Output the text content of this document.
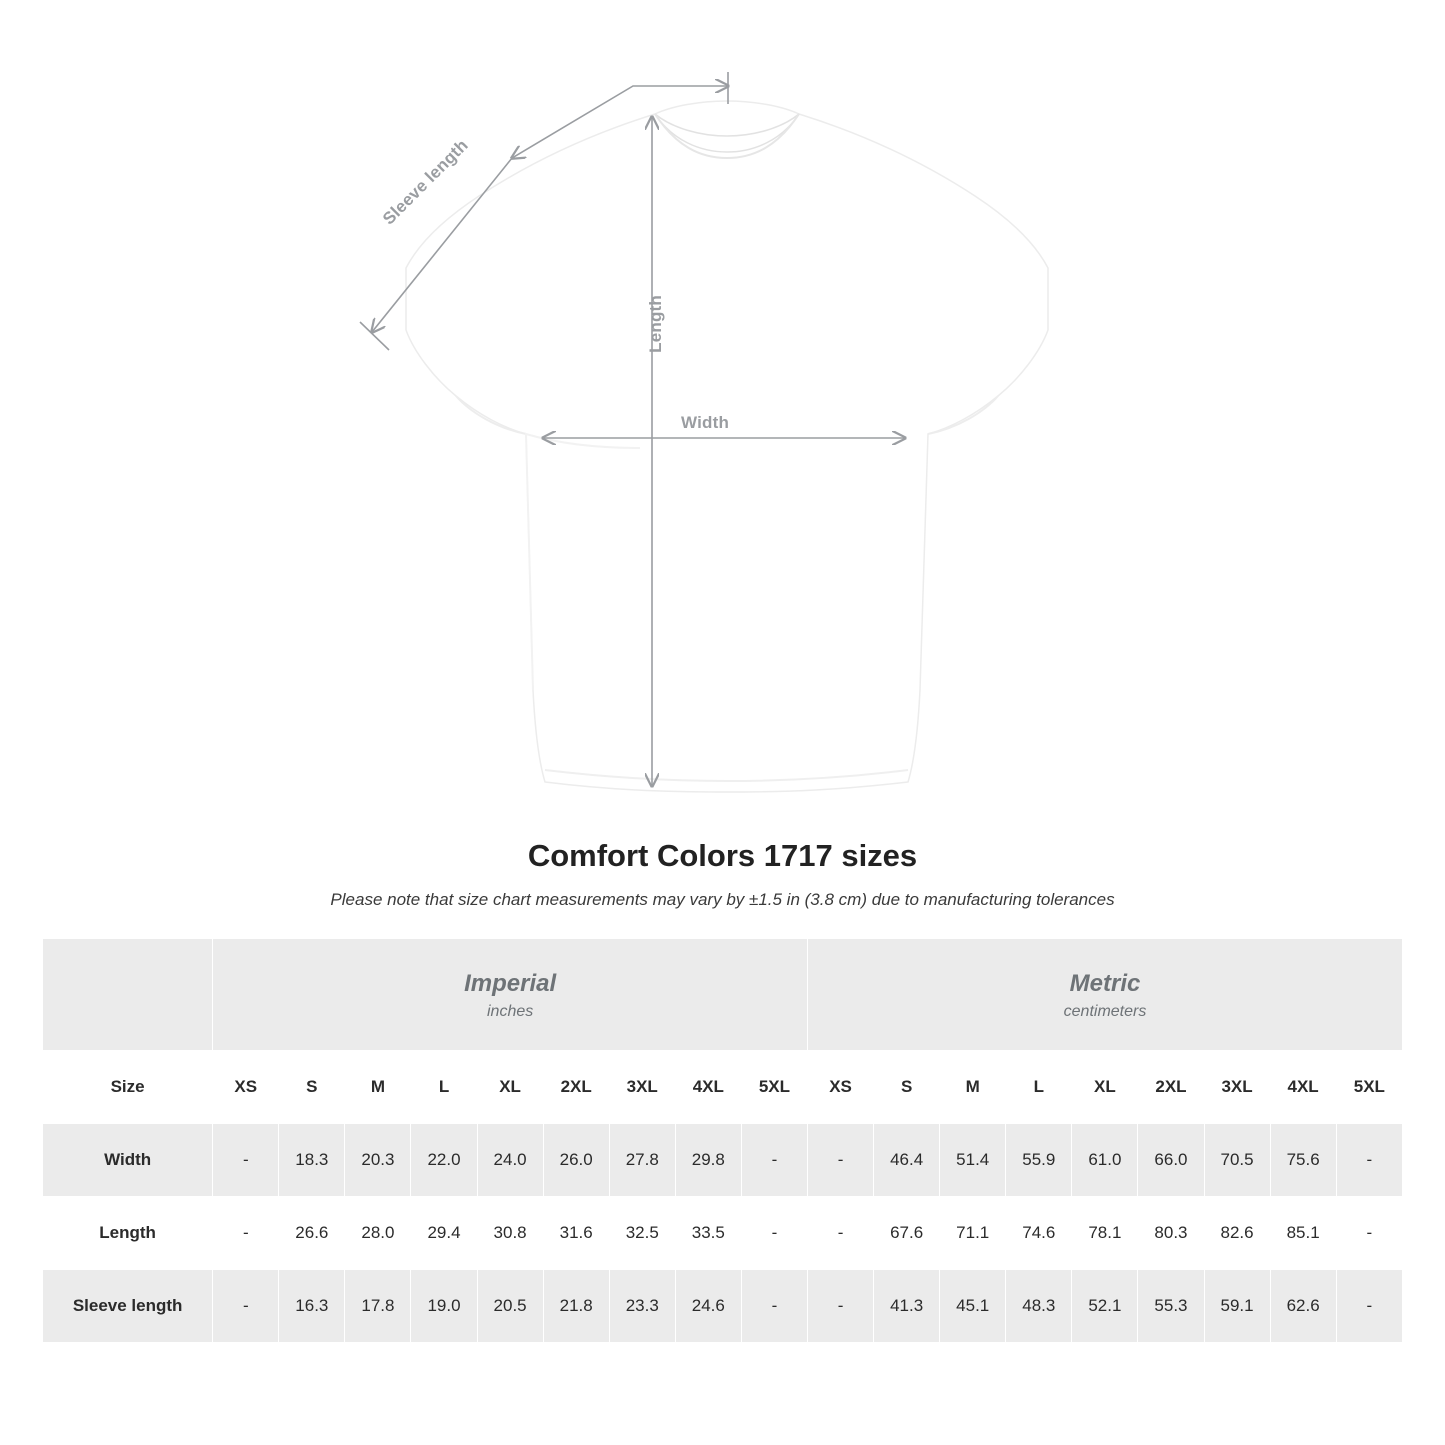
Width
Length
Sleeve length
Comfort Colors 1717 sizes
Please note that size chart measurements may vary by ±1.5 in (3.8 cm) due to manufacturing tolerances

	Imperial
inches									Metric
centimeters								

Size	XS	S	M	L	XL	2XL	3XL	4XL	5XL	XS	S	M	L	XL	2XL	3XL	4XL	5XL
Width	-	18.3	20.3	22.0	24.0	26.0	27.8	29.8	-	-	46.4	51.4	55.9	61.0	66.0	70.5	75.6	-
Length	-	26.6	28.0	29.4	30.8	31.6	32.5	33.5	-	-	67.6	71.1	74.6	78.1	80.3	82.6	85.1	-
Sleeve length	-	16.3	17.8	19.0	20.5	21.8	23.3	24.6	-	-	41.3	45.1	48.3	52.1	55.3	59.1	62.6	-
